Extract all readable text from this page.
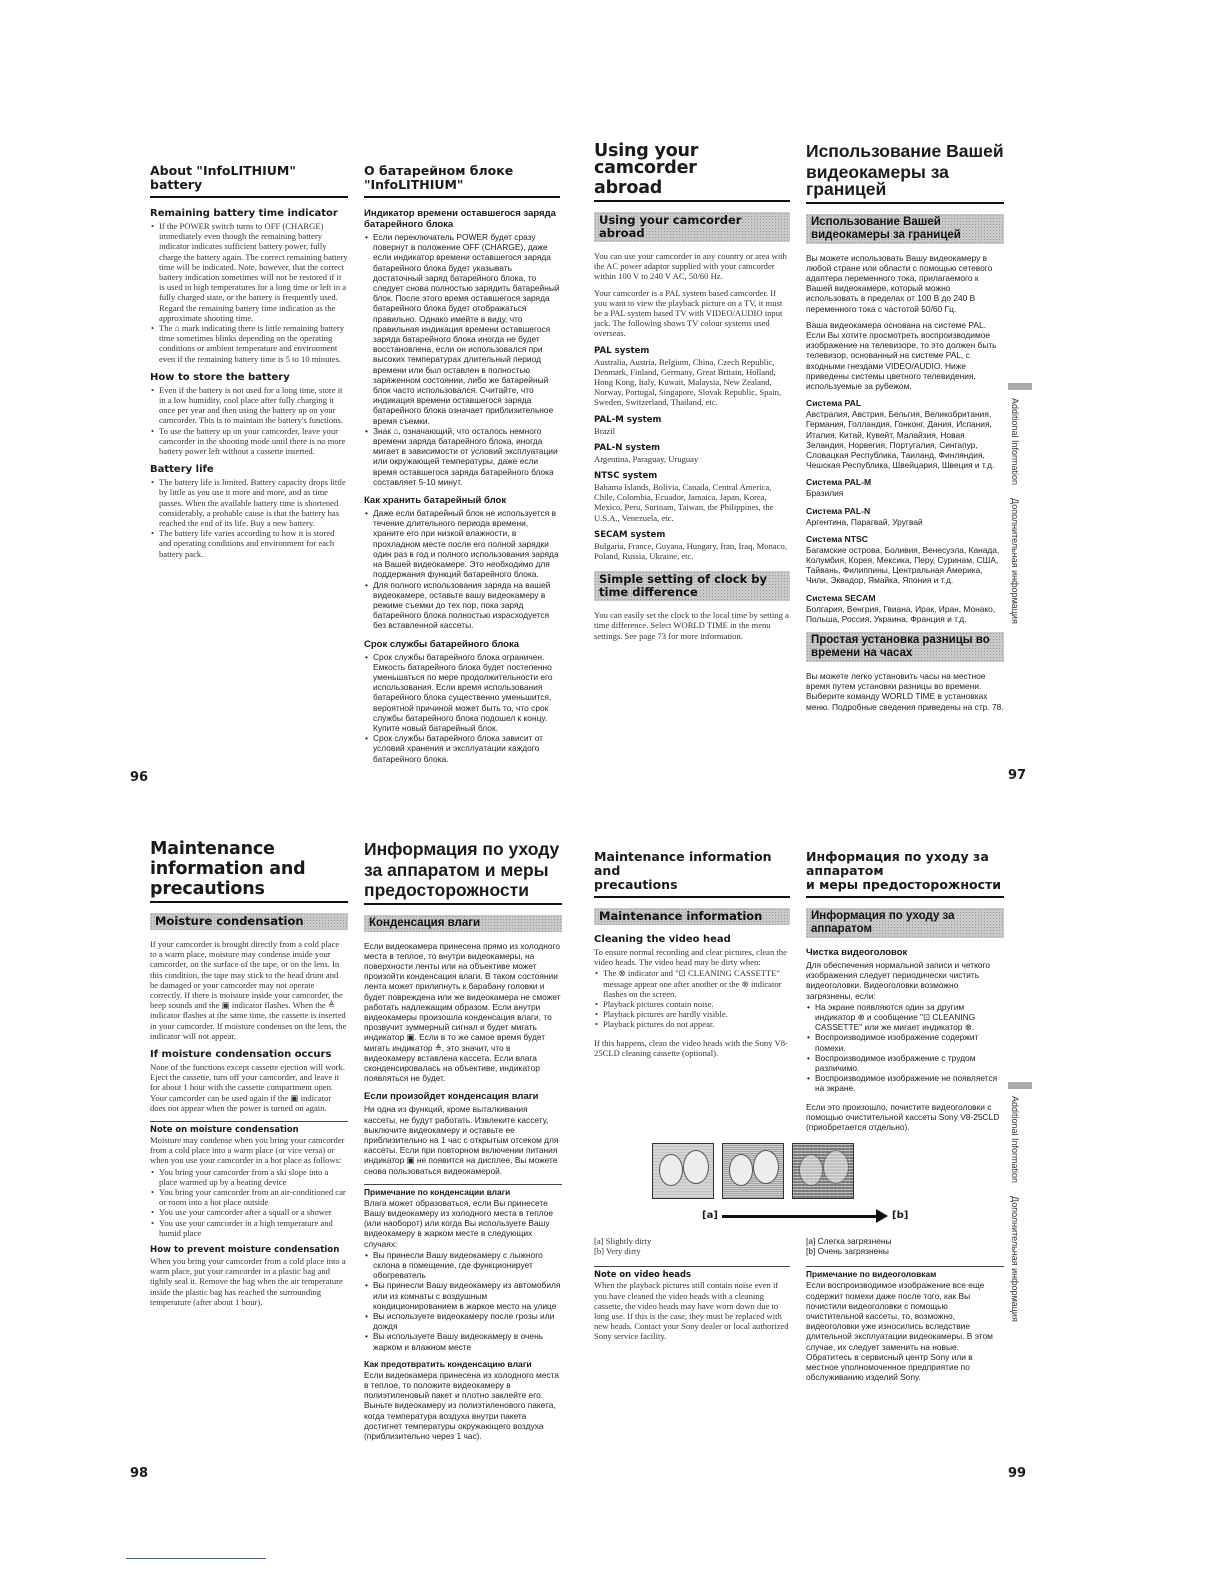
About "InfoLITHIUM" battery
Remaining battery time indicator
• If the POWER switch turns to OFF (CHARGE) immediately even though the remaining battery indicator indicates sufficient battery power, fully charge the battery again. The correct remaining battery time will be indicated. Note, however, that the correct battery indication sometimes will not be restored if it is used in high temperatures for a long time or left in a fully charged state, or the battery is frequently used. Regard the remaining battery time indication as the approximate shooting time.
• The ⌂ mark indicating there is little remaining battery time sometimes blinks depending on the operating conditions or ambient temperature and environment even if the remaining battery time is 5 to 10 minutes.
How to store the battery
• Even if the battery is not used for a long time, store it in a low humidity, cool place after fully charging it once per year and then using the battery up on your camcorder. This is to maintain the battery's functions.
• To use the battery up on your camcorder, leave your camcorder in the shooting mode until there is no more battery power left without a cassette inserted.
Battery life
• The battery life is limited. Battery capacity drops little by little as you use it more and more, and as time passes. When the available battery time is shortened considerably, a probable cause is that the battery has reached the end of its life. Buy a new battery.
• The battery life varies according to how it is stored and operating conditions and environment for each battery pack.
О батарейном блоке "InfoLITHIUM"
Индикатор времени оставшегося заряда батарейного блока
• Если переключатель POWER будет сразу повернут в положение OFF (CHARGE), даже если индикатор времени оставшегося заряда батарейного блока будет указывать достаточный заряд батарейного блока, то следует снова полностью зарядить батарейный блок. После этого время оставшегося заряда батарейного блока будет отображаться правильно. Однако имейте в виду, что правильная индикация времени оставшегося заряда батарейного блока иногда не будет восстановлена, если он использовался при высоких температурах длительный период времени или был оставлен в полностью заряженном состоянии, либо же батарейный блок часто использовался. Считайте, что индикация времени оставшегося заряда батарейного блока означает приблизительное время съемки.
• Знак ⌂, означающий, что осталось немного времени заряда батарейного блока, иногда мигает в зависимости от условий эксплуатации или окружающей температуры, даже если время оставшегося заряда батарейного блока составляет 5-10 минут.
Как хранить батарейный блок
• Даже если батарейный блок не используется в течение длительного периода времени, храните его при низкой влажности, в прохладном месте после его полной зарядки один раз в год и полного использования заряда на Вашей видеокамере. Это необходимо для поддержания функций батарейного блока.
• Для полного использования заряда на вашей видеокамере, оставьте вашу видеокамеру в режиме съемки до тех пор, пока заряд батарейного блока полностью израсходуется без вставленной кассеты.
Срок службы батарейного блока
• Срок службы батарейного блока ограничен. Емкость батарейного блока будет постепенно уменьшаться по мере продолжительности его использования. Если время использования батарейного блока существенно уменьшится, вероятной причиной может быть то, что срок службы батарейного блока подошел к концу. Купите новый батарейный блок.
• Срок службы батарейного блока зависит от условий хранения и эксплуатации каждого батарейного блока.
96
Using your camcorder
abroad
Using your camcorder abroad

You can use your camcorder in any country or area with the AC power adaptor supplied with your camcorder within 100 V to 240 V AC, 50/60 Hz.

Your camcorder is a PAL system based camcorder. If you want to view the playback picture on a TV, it must be a PAL system based TV with VIDEO/AUDIO input jack. The following shows TV colour systems used overseas.

PAL system

Australia, Austria, Belgium, China, Czech Republic, Denmark, Finland, Germany, Great Britain, Holland, Hong Kong, Italy, Kuwait, Malaysia, New Zealand, Norway, Portugal, Singapore, Slovak Republic, Spain, Sweden, Switzerland, Thailand, etc.

PAL-M system

Brazil

PAL-N system

Argentina, Paraguay, Uruguay

NTSC system

Bahama Islands, Bolivia, Canada, Central America, Chile, Colombia, Ecuador, Jamaica, Japan, Korea, Mexico, Peru, Surinam, Taiwan, the Philippines, the U.S.A., Venezuela, etc.

SECAM system

Bulgaria, France, Guyana, Hungary, Iran, Iraq, Monaco, Poland, Russia, Ukraine, etc.

Simple setting of clock by time difference

You can easily set the clock to the local time by setting a time difference. Select WORLD TIME in the menu settings. See page 73 for more information.

Использование Вашей
видеокамеры за границей
Использование Вашей видеокамеры за границей

Вы можете использовать Вашу видеокамеру в любой стране или области с помощью сетевого адаптера переменного тока, прилагаемого к Вашей видеокамере, который можно использовать в пределах от 100 В до 240 В переменного тока с частотой 50/60 Гц.

Ваша видеокамера основана на системе PAL. Если Вы хотите просмотреть воспроизводимое изображение на телевизоре, то это должен быть телевизор, основанный на системе PAL, с входными гнездами VIDEO/AUDIO. Ниже приведены системы цветного телевидения, используемые за рубежом.

Система PAL

Австралия, Австрия, Бельгия, Великобритания, Германия, Голландия, Гонконг, Дания, Испания, Италия, Китай, Кувейт, Малайзия, Новая Зеландия, Норвегия, Португалия, Сингапур, Словацкая Республика, Таиланд, Финляндия, Чешская Республика, Швейцария, Швеция и т.д.

Система PAL-M

Бразилия

Система PAL-N

Аргентина, Парагвай, Уругвай

Система NTSC

Багамские острова, Боливия, Венесуэла, Канада, Колумбия, Корея, Мексика, Перу, Суринам, США, Тайвань, Филиппины, Центральная Америка, Чили, Эквадор, Ямайка, Япония и т.д.

Система SECAM

Болгария, Венгрия, Гвиана, Ирак, Иран, Монако, Польша, Россия, Украина, Франция и т.д.

Простая установка разницы во времени на часах

Вы можете легко установить часы на местное время путем установки разницы во времени. Выберите команду WORLD TIME в установках меню. Подробные сведения приведены на стр. 78.

Additional Information
Дополнительная информация
97
Maintenance
information and
precautions
Moisture condensation

If your camcorder is brought directly from a cold place to a warm place, moisture may condense inside your camcorder, on the surface of the tape, or on the lens. In this condition, the tape may stick to the head drum and be damaged or your camcorder may not operate correctly. If there is moisture inside your camcorder, the beep sounds and the ▣ indicator flashes. When the ≜ indicator flashes at the same time, the cassette is inserted in your camcorder. If moisture condenses on the lens, the indicator will not appear.

If moisture condensation occurs

None of the functions except cassette ejection will work. Eject the cassette, turn off your camcorder, and leave it for about 1 hour with the cassette compartment open. Your camcorder can be used again if the ▣ indicator does not appear when the power is turned on again.

Note on moisture condensation

Moisture may condense when you bring your camcorder from a cold place into a warm place (or vice versa) or when you use your camcorder in a hot place as follows:

• You bring your camcorder from a ski slope into a place warmed up by a heating device
• You bring your camcorder from an air-conditioned car or room into a hot place outside
• You use your camcorder after a squall or a shower
• You use your camcorder in a high temperature and humid place
How to prevent moisture condensation

When you bring your camcorder from a cold place into a warm place, put your camcorder in a plastic bag and tightly seal it. Remove the bag when the air temperature inside the plastic bag has reached the surrounding temperature (after about 1 hour).

Информация по уходу
за аппаратом и меры
предосторожности
Конденсация влаги

Если видеокамера принесена прямо из холодного места в теплое, то внутри видеокамеры, на поверхности ленты или на объективе может произойти конденсация влаги. В таком состоянии лента может прилипнуть к барабану головки и будет повреждена или же видеокамера не сможет работать надлежащим образом. Если внутри видеокамеры произошла конденсация влаги, то прозвучит зуммерный сигнал и будет мигать индикатор ▣. Если в то же самое время будет мигать индикатор ≜, это значит, что в видеокамеру вставлена кассета. Если влага сконденсировалась на объективе, индикатор появляться не будет.

Если произойдет конденсация влаги

Ни одна из функций, кроме выталкивания кассеты, не будут работать. Извлеките кассету, выключите видеокамеру и оставьте ее приблизительно на 1 час с открытым отсеком для кассеты. Если при повторном включении питания индикатор ▣ не появится на дисплее, Вы можете снова пользоваться видеокамерой.

Примечание по конденсации влаги

Влага может образоваться, если Вы принесете Вашу видеокамеру из холодного места в теплое (или наоборот) или когда Вы используете Вашу видеокамеру в жарком месте в следующих случаях:

• Вы принесли Вашу видеокамеру с лыжного склона в помещение, где функционирует обогреватель
• Вы принесли Вашу видеокамеру из автомобиля или из комнаты с воздушным кондиционированием в жаркое место на улице
• Вы используете видеокамеру после грозы или дождя
• Вы используете Вашу видеокамеру в очень жарком и влажном месте
Как предотвратить конденсацию влаги

Если видеокамера принесена из холодного места в теплое, то положите видеокамеру в полиэтиленовый пакет и плотно заклейте его. Выньте видеокамеру из полиэтиленового пакета, когда температура воздуха внутри пакета достигнет температуры окружающего воздуха (приблизительно через 1 час).

98
Maintenance information and
precautions
Maintenance information
Cleaning the video head

To ensure normal recording and clear pictures, clean the video heads. The video head may be dirty when:

• The ⊗ indicator and "⊡ CLEANING CASSETTE" message appear one after another or the ⊗ indicator flashes on the screen.
• Playback pictures contain noise.
• Playback pictures are hardly visible.
• Playback pictures do not appear.

If this happens, clean the video heads with the Sony V8-25CLD cleaning cassette (optional).

Информация по уходу за аппаратом
и меры предосторожности
Информация по уходу за аппаратом
Чистка видеоголовок

Для обеспечения нормальной записи и четкого изображения следует периодически чистить видеоголовки. Видеоголовки возможно загрязнены, если:

• На экране появляются один за другим индикатор ⊗ и сообщение "⊡ CLEANING CASSETTE" или же мигает индикатор ⊗.
• Воспроизводимое изображение содержит помехи.
• Воспроизводимое изображение с трудом различимо.
• Воспроизводимое изображение не появляется на экране.

Если это произошло, почистите видеоголовки с помощью очистительной кассеты Sony V8-25CLD (приобретается отдельно).

[a]	[b]

[a] Slightly dirty

[b] Very dirty

Note on video heads

When the playback pictures still contain noise even if you have cleaned the video heads with a cleaning cassette, the video heads may have worn down due to long use. If this is the case, they must be replaced with new heads. Contact your Sony dealer or local authorized Sony service facility.

[a] Слегка загрязнены

[b] Очень загрязнены

Примечание по видеоголовкам

Если воспроизводимое изображение все еще содержит помехи даже после того, как Вы почистили видеоголовки с помощью очистительной кассеты, то, возможно, видеоголовки уже износились вследствие длительной эксплуатации видеокамеры. В этом случае, их следует заменить на новые. Обратитесь в сервисный центр Sony или в местное уполномоченное предприятие по обслуживанию изделий Sony.

Additional Information
Дополнительная информация
99
